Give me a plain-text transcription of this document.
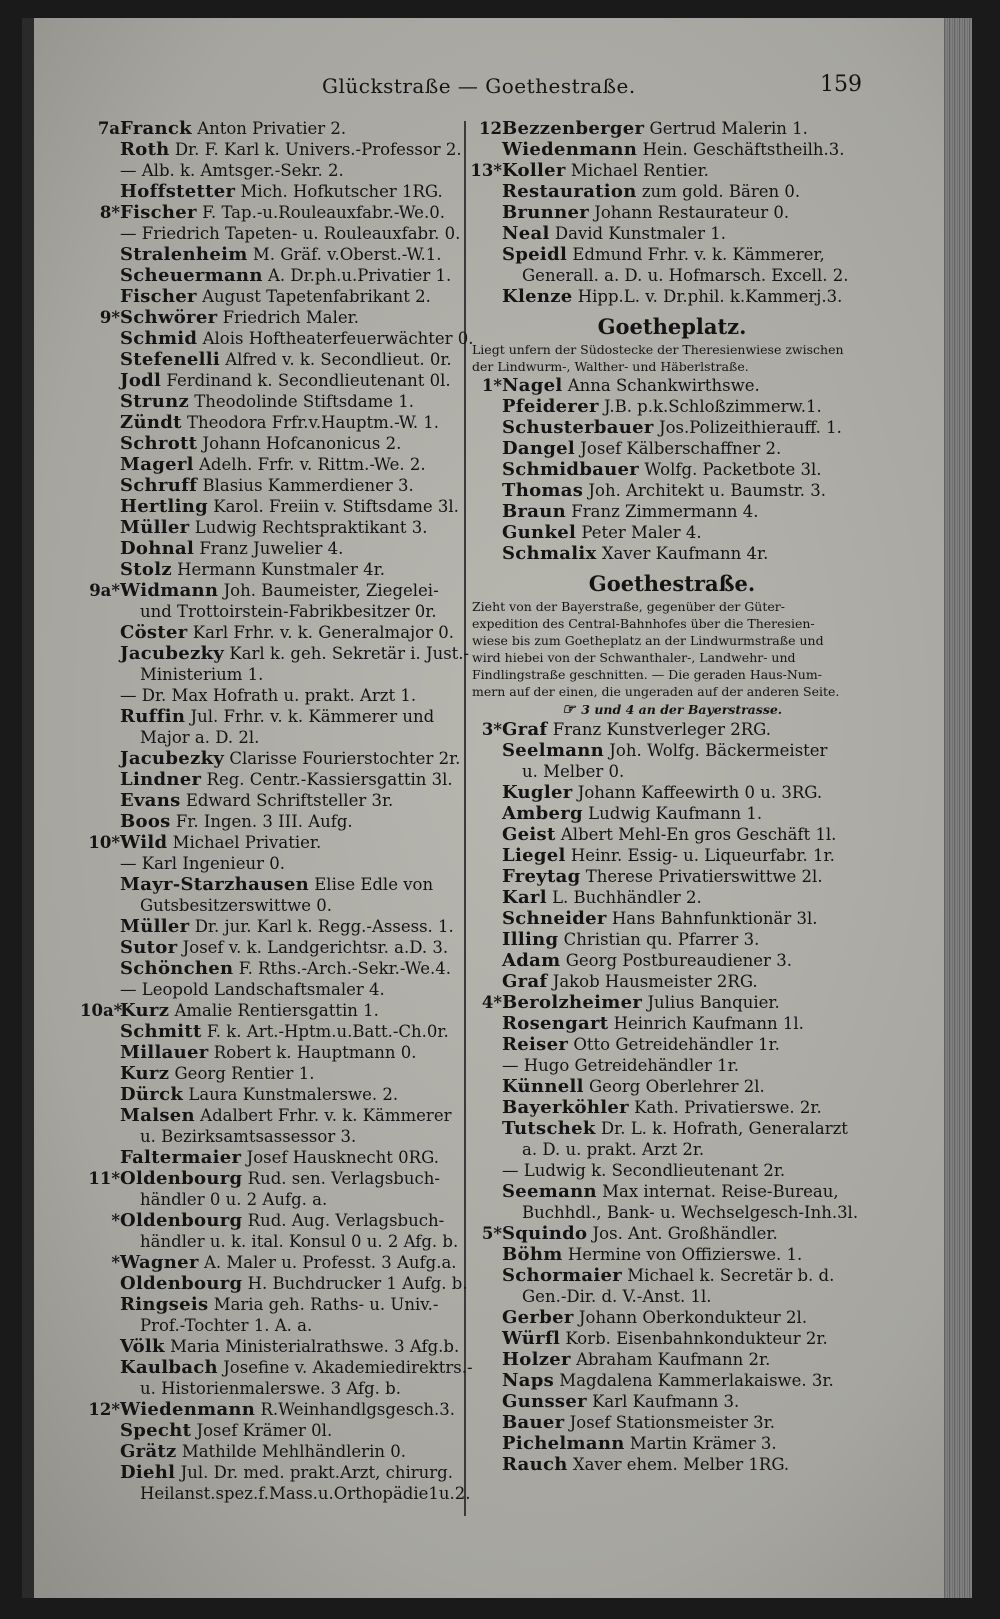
Glückstraße — Goethestraße.	159
7aFranck Anton Privatier 2.
Roth Dr. F. Karl k. Univers.-Professor 2.
— Alb. k. Amtsger.-Sekr. 2.
Hoffstetter Mich. Hofkutscher 1RG.
8*Fischer F. Tap.-u.Rouleauxfabr.-We.0.
— Friedrich Tapeten- u. Rouleauxfabr. 0.
Stralenheim M. Gräf. v.Oberst.-W.1.
Scheuermann A. Dr.ph.u.Privatier 1.
Fischer August Tapetenfabrikant 2.
9*Schwörer Friedrich Maler.
Schmid Alois Hoftheaterfeuerwächter 0.
Stefenelli Alfred v. k. Secondlieut. 0r.
Jodl Ferdinand k. Secondlieutenant 0l.
Strunz Theodolinde Stiftsdame 1.
Zündt Theodora Frfr.v.Hauptm.-W. 1.
Schrott Johann Hofcanonicus 2.
Magerl Adelh. Frfr. v. Rittm.-We. 2.
Schruff Blasius Kammerdiener 3.
Hertling Karol. Freiin v. Stiftsdame 3l.
Müller Ludwig Rechtspraktikant 3.
Dohnal Franz Juwelier 4.
Stolz Hermann Kunstmaler 4r.
9a*Widmann Joh. Baumeister, Ziegelei-
und Trottoirstein-Fabrikbesitzer 0r.
Cöster Karl Frhr. v. k. Generalmajor 0.
Jacubezky Karl k. geh. Sekretär i. Just.-
Ministerium 1.
— Dr. Max Hofrath u. prakt. Arzt 1.
Ruffin Jul. Frhr. v. k. Kämmerer und
Major a. D. 2l.
Jacubezky Clarisse Fourierstochter 2r.
Lindner Reg. Centr.-Kassiersgattin 3l.
Evans Edward Schriftsteller 3r.
Boos Fr. Ingen. 3 III. Aufg.
10*Wild Michael Privatier.
— Karl Ingenieur 0.
Mayr-Starzhausen Elise Edle von
Gutsbesitzerswittwe 0.
Müller Dr. jur. Karl k. Regg.-Assess. 1.
Sutor Josef v. k. Landgerichtsr. a.D. 3.
Schönchen F. Rths.-Arch.-Sekr.-We.4.
— Leopold Landschaftsmaler 4.
10a*Kurz Amalie Rentiersgattin 1.
Schmitt F. k. Art.-Hptm.u.Batt.-Ch.0r.
Millauer Robert k. Hauptmann 0.
Kurz Georg Rentier 1.
Dürck Laura Kunstmalerswe. 2.
Malsen Adalbert Frhr. v. k. Kämmerer
u. Bezirksamtsassessor 3.
Faltermaier Josef Hausknecht 0RG.
11*Oldenbourg Rud. sen. Verlagsbuch-
händler 0 u. 2 Aufg. a.
*Oldenbourg Rud. Aug. Verlagsbuch-
händler u. k. ital. Konsul 0 u. 2 Afg. b.
*Wagner A. Maler u. Professt. 3 Aufg.a.
Oldenbourg H. Buchdrucker 1 Aufg. b.
Ringseis Maria geh. Raths- u. Univ.-
Prof.-Tochter 1. A. a.
Völk Maria Ministerialrathswe. 3 Afg.b.
Kaulbach Josefine v. Akademiedirektrs.-
u. Historienmalerswe. 3 Afg. b.
12*Wiedenmann R.Weinhandlgsgesch.3.
Specht Josef Krämer 0l.
Grätz Mathilde Mehlhändlerin 0.
Diehl Jul. Dr. med. prakt.Arzt, chirurg.
Heilanst.spez.f.Mass.u.Orthopädie1u.2.
12Bezzenberger Gertrud Malerin 1.
Wiedenmann Hein. Geschäftstheilh.3.
13*Koller Michael Rentier.
Restauration zum gold. Bären 0.
Brunner Johann Restaurateur 0.
Neal David Kunstmaler 1.
Speidl Edmund Frhr. v. k. Kämmerer,
Generall. a. D. u. Hofmarsch. Excell. 2.
Klenze Hipp.L. v. Dr.phil. k.Kammerj.3.
Goetheplatz.
Liegt unfern der Südostecke der Theresienwiese zwischen
der Lindwurm-, Walther- und Häberlstraße.
1*Nagel Anna Schankwirthswe.
Pfeiderer J.B. p.k.Schloßzimmerw.1.
Schusterbauer Jos.Polizeithierauff. 1.
Dangel Josef Kälberschaffner 2.
Schmidbauer Wolfg. Packetbote 3l.
Thomas Joh. Architekt u. Baumstr. 3.
Braun Franz Zimmermann 4.
Gunkel Peter Maler 4.
Schmalix Xaver Kaufmann 4r.
Goethestraße.
Zieht von der Bayerstraße, gegenüber der Güter-
expedition des Central-Bahnhofes über die Theresien-
wiese bis zum Goetheplatz an der Lindwurmstraße und
wird hiebei von der Schwanthaler-, Landwehr- und
Findlingstraße geschnitten. — Die geraden Haus-Num-
mern auf der einen, die ungeraden auf der anderen Seite.
☞ 3 und 4 an der Bayerstrasse.
3*Graf Franz Kunstverleger 2RG.
Seelmann Joh. Wolfg. Bäckermeister
u. Melber 0.
Kugler Johann Kaffeewirth 0 u. 3RG.
Amberg Ludwig Kaufmann 1.
Geist Albert Mehl-En gros Geschäft 1l.
Liegel Heinr. Essig- u. Liqueurfabr. 1r.
Freytag Therese Privatierswittwe 2l.
Karl L. Buchhändler 2.
Schneider Hans Bahnfunktionär 3l.
Illing Christian qu. Pfarrer 3.
Adam Georg Postbureaudiener 3.
Graf Jakob Hausmeister 2RG.
4*Berolzheimer Julius Banquier.
Rosengart Heinrich Kaufmann 1l.
Reiser Otto Getreidehändler 1r.
— Hugo Getreidehändler 1r.
Künnell Georg Oberlehrer 2l.
Bayerköhler Kath. Privatierswe. 2r.
Tutschek Dr. L. k. Hofrath, Generalarzt
a. D. u. prakt. Arzt 2r.
— Ludwig k. Secondlieutenant 2r.
Seemann Max internat. Reise-Bureau,
Buchhdl., Bank- u. Wechselgesch-Inh.3l.
5*Squindo Jos. Ant. Großhändler.
Böhm Hermine von Offizierswe. 1.
Schormaier Michael k. Secretär b. d.
Gen.-Dir. d. V.-Anst. 1l.
Gerber Johann Oberkondukteur 2l.
Würfl Korb. Eisenbahnkondukteur 2r.
Holzer Abraham Kaufmann 2r.
Naps Magdalena Kammerlakaiswe. 3r.
Gunsser Karl Kaufmann 3.
Bauer Josef Stationsmeister 3r.
Pichelmann Martin Krämer 3.
Rauch Xaver ehem. Melber 1RG.
